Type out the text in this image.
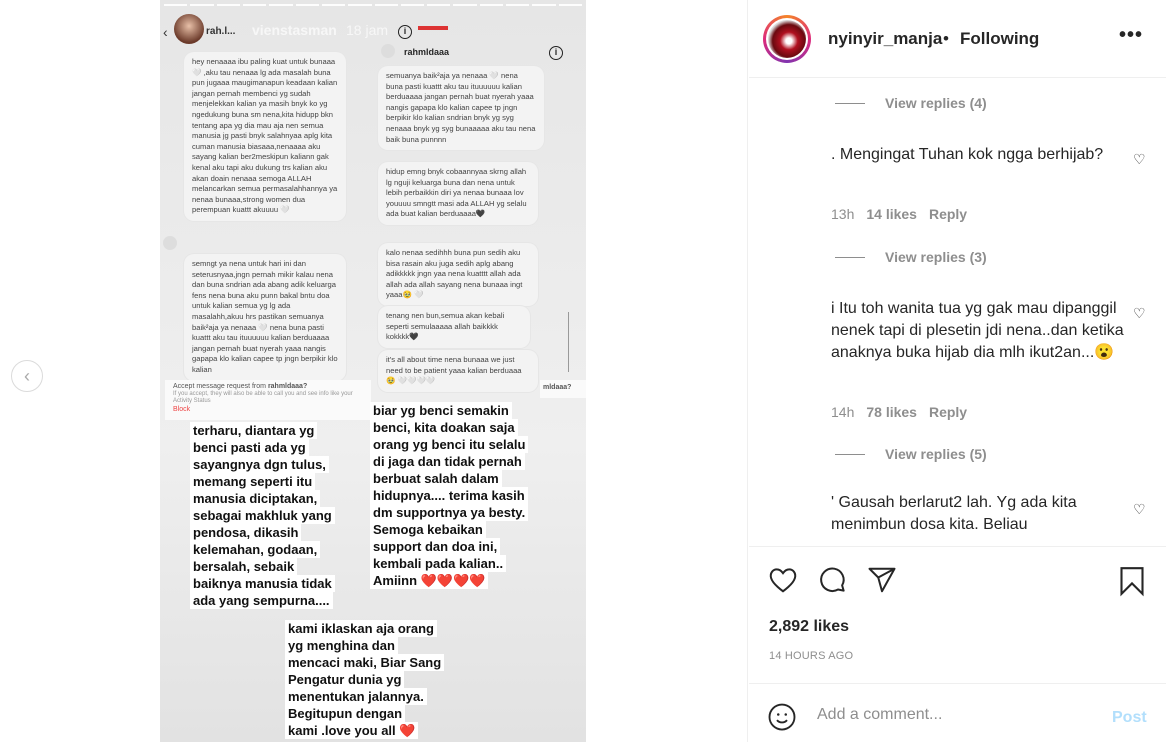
‹
‹	rah.l... vienstasman 18 jam	i
rahmldaaa	i
hey nenaaaa ibu paling kuat untuk bunaaa 🤍 ,aku tau nenaaa lg ada masalah buna pun jugaaa maugimanapun keadaan kalian jangan pernah membenci yg sudah menjelekkan kalian ya masih bnyk ko yg ngedukung buna sm nena,kita hidupp bkn tentang apa yg dia mau aja nen semua manusia jg pasti bnyk salahnyaa aplg kita cuman manusia biasaaa,nenaaaa aku sayang kalian ber2meskipun kaliann gak kenal aku tapi aku dukung trs kalian aku akan doain nenaaa semoga ALLAH melancarkan semua permasalahhannya ya nenaa bunaaa,strong women dua perempuan kuattt akuuuu 🤍
semngt ya nena untuk hari ini dan seterusnyaa,jngn pernah mikir kalau nena dan buna sndrian ada abang adik keluarga fens nena buna aku punn bakal bntu doa untuk kalian semua yg lg ada masalahh,akuu hrs pastikan semuanya baik²aja ya nenaaa 🤍 nena buna pasti kuattt aku tau ituuuuuu kalian berduaaaa jangan pernah buat nyerah yaaa nangis gapapa klo kalian capee tp jngn berpikir klo kalian
semuanya baik²aja ya nenaaa 🤍 nena buna pasti kuattt aku tau ituuuuuu kalian berduaaaa jangan pernah buat nyerah yaaa nangis gapapa klo kalian capee tp jngn berpikir klo kalian sndrian bnyk yg syg nenaaa bnyk yg syg bunaaaaa aku tau nena baik buna punnnn
hidup emng bnyk cobaannyaa skrng allah lg nguji keluarga buna dan nena untuk lebih perbaikkin diri ya nenaa bunaaa lov youuuu smngtt masi ada ALLAH yg selalu ada buat kalian berduaaaa🖤
kalo nenaa sedihhh buna pun sedih aku bisa rasain aku juga sedih aplg abang adikkkkk jngn yaa nena kuatttt allah ada allah ada allah sayang nena bunaaa ingt yaaa🥹 🤍
tenang nen bun,semua akan kebali seperti semulaaaaa allah baikkkk kokkkk🖤
it's all about time nena bunaaa we just need to be patient yaaa kalian berduaaa🥹 🤍🤍🤍🤍
Accept message request from rahmldaaa?
If you accept, they will also be able to call you and see info like your Activity Status
Block
mldaaa?
terharu, diantara yg
benci pasti ada yg
sayangnya dgn tulus,
memang seperti itu
manusia diciptakan,
sebagai makhluk yang
pendosa, dikasih
kelemahan, godaan,
bersalah, sebaik
baiknya manusia tidak
ada yang sempurna....
biar yg benci semakin
benci, kita doakan saja
orang yg benci itu selalu
di jaga dan tidak pernah
berbuat salah dalam
hidupnya.... terima kasih
dm supportnya ya besty.
Semoga kebaikan
support dan doa ini,
kembali pada kalian..
Amiinn ❤️❤️❤️❤️
kami iklaskan aja orang
yg menghina dan
mencaci maki, Biar Sang
Pengatur dunia yg
menentukan jalannya.
Begitupun dengan
kami .love you all ❤️
nyinyir_manja • Following	•••
View replies (4)
. Mengingat Tuhan kok ngga berhijab?	♡
13h 14 likes Reply
View replies (3)
i Itu toh wanita tua yg gak mau dipanggil nenek tapi di plesetin jdi nena..dan ketika anaknya buka hijab dia mlh ikut2an...😮
♡
14h 78 likes Reply
View replies (5)
' Gausah berlarut2 lah. Yg ada kita menimbun dosa kita. Beliau
♡
2,892 likes
14 HOURS AGO
Add a comment...
Post
